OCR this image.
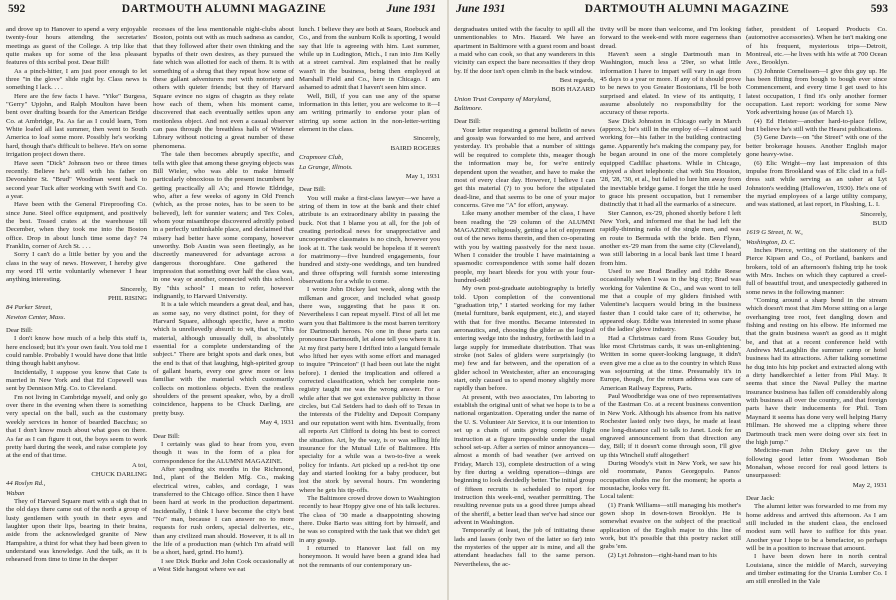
592	DARTMOUTH ALUMNI MAGAZINE	June 1931

and drove up to Hanover to spend a very enjoyable twenty-four hours attending the secretaries' meetings as guest of the College. A trip like that quite makes up for some of the less pleasant features of this scribal post. Dear Bill!

As a pinch-hitter, I am just poor enough to let three "in the glove" slide right by. Class news is something I lack. . . .

Here are the few facts I have. "Yike" Burgess, "Gerry" Upjohn, and Ralph Moulton have been bent over drafting boards for the American Bridge Co. at Ambridge, Pa. As far as I could learn, Tom White loafed all last summer, then went to South America to loaf some more. Possibly he's working hard, though that's difficult to believe. He's on some irrigation project down there.

Have seen "Dick" Johnson two or three times recently. Believe he's still with his father on Devonshire St. "Brud" Woodman went back to second year Tuck after working with Swift and Co. a year.

Have been with the General Fireproofing Co. since June. Steel office equipment, and positively the best. Tossed crates at the warehouse till December, when they took me into the Boston office. Drop in about lunch time some day? 74 Franklin, corner of Arch St. . . .

Sorry I can't do a little better by you and the class in the way of news. However, I hereby give my word I'll write voluntarily whenever I hear anything interesting.

Sincerely,

PHIL RISING

84 Parker Street,

Newton Center, Mass.

Dear Bill:

I don't know how much of a help this stuff is, here enclosed; but it's your own fault. You told me I could ramble. Probably I would have done that little thing though habit anyhow.

Incidentally, I suppose you know that Cate is married in New York and that Ed Copewell was sent by Dennison Mfg. Co. to Cleveland.

I'm not living in Cambridge myself, and only go over there in the evening when there is something very special on the ball, such as the customary weekly services in honor of bearded Bacchus; so that I don't know much about what goes on there. As far as I can figure it out, the boys seem to work pretty hard during the week, and raise complete joy at the end of that time.

A toi,

CHUCK DARLING

44 Roslyn Rd.,

Waban

They of Harvard Square mart with a sigh that in the old days there came out of the north a group of lusty gentlemen with youth in their eyes and laughter upon their lips, bearing in their brains, aside from the acknowledged granite of New Hampshire, a thirst for what they had been given to understand was knowledge. And the talk, as it is rehearsed from time to time in the deeper

recesses of the less mentionable night-clubs about Boston, points out with as much sadness as candor, that they followed after their own thinking and the bypaths of their own desires, as they pursued the fate which was allotted for each of them. It is with something of a shrug that they repeat how some of these gallant adventurers met with notoriety and others with quieter friends; but they of Harvard Square evince no signs of chagrin as they relate how each of them, when his moment came, discovered that each eventually settles upon any motionless object. And not even a casual observer can pass through the breathless halls of Widener Library without noticing a great number of these phenomena.

The tale then becomes abruptly specific, and tells with glee that among these greying objects was Bill Wieler, who was able to make himself particularly obnoxious to the present incumbent by getting practically all A's; and Howie Eldridge, who, after a few weeks of agony in Old French (which, as the prose notes, has to be seen to be believed), left for sunnier waters; and Tex Coles, whom your misanthrope discovered adroitly poised in a perfectly unthinkable place, and declaimed that misery had better have some company, however unworthy. Bob Austin was seen fleetingly, as he discreetly maneuvered for advantage across a dangerous thoroughfare. One gathered the impression that something over half the class was, in one way or another, connected with this school. By "this school" I mean to refer, however indignantly, to Harvard University.

It is a tale which meanders a great deal, and has, as some say, no very distinct point, for they of Harvard Square, although specific, have a motto which is unrelievedly absurd: to wit, that is, "This material, although unusually dull, is absolutely essential for a complete understanding of the subject." There are bright spots and dark ones, but the end is that of that laughing, high-spirited group of gallant hearts, every one grew more or less familiar with the material which customarily collects on motionless objects. Even the restless shoulders of the present speaker, who, by a droll coincidence, happens to be Chuck Darling, are pretty busy.

May 4, 1931

Dear Bill:

I certainly was glad to hear from you, even though it was in the form of a plea for correspondence for the ALUMNI MAGAZINE.

After spending six months in the Richmond, Ind., plant of the Belden Mfg. Co., making electrical wires, cables, and cordage, I was transferred to the Chicago office. Since then I have been hard at work in the production department. Incidentally, I think I have become the city's best "No" man, because I can answer no to more requests for rush orders, special deliveries, etc., than any civilized man should. However, it is all in the life of a production man (which I'm afraid will be a short, hard, grind. Ho hum!).

I see Dick Burke and John Cook occasionally at a West Side hangout where we eat

lunch. I believe they are both at Sears, Roebuck and Co., and from the sunburn Kolk is sporting, I would say that life is agreeing with him. Last summer, while up in Ludington, Mich., I ran into Jim Kelly at a street carnival. Jim explained that he really wasn't in the business, being then employed at Marshall Field and Co., here in Chicago. I am ashamed to admit that I haven't seen him since.

Well, Bill, if you can use any of the sparse information in this letter, you are welcome to it—I am writing primarily to endorse your plan of stirring up some action in the non-letter-writing element in the class.

Sincerely,

BAIRD ROGERS

Crapmore Club,

La Grange, Illinois.

May 1, 1931

Dear Bill:

You will make a first-class lawyer—we have a string of them in tow at the bank and their chief attribute is an extraordinary ability in passing the buck. Not that I blame you at all, for the job of creating periodical news for unappreciative and uncooperative classmates is no cinch, however you look at it. The task would be hopeless if it weren't for matrimony—five hundred engagements, four hundred and sixty-one weddings, and ten hundred and three offspring will furnish some interesting observations for a while to come.

I wrote John Dickey last week, along with the milkman and grocer, and included what gossip there was, suggesting that he pass it on. Nevertheless I can repeat myself. First of all let me warn you that Baltimore is the most barren territory for Dartmouth heroes. No one in these parts can pronounce Dartmouth, let alone tell you where it is. At my first party here I drifted into a languid female who lifted her eyes with some effort and managed to inquire "Princeton" (I had been out late the night before). I denied the implication and offered a corrected classification, which her complete non-registry taught me was the wrong answer. For a while after that we got extensive publicity in those circles, but Cal Seiders had to dash off to Texas in the interests of the Fidelity and Deposit Company and our reputation went with him. Eventually, from all reports Art Clifford is doing his best to correct the situation. Art, by the way, is or was selling life insurance for the Mutual Life of Baltimore. His specialty for a while was a two-to-five a week policy for infants. Art picked up a red-hot tip one day and started looking for a baby producer, but lost the stork by several hours. I'm wondering where he gets his tip-offs.

The Baltimore crowd drove down to Washington recently to hear Hoppy give one of his talk lectures. The class of '30 made a disappointing showing there. Duke Barto was sitting fort by himself, and he was so conspired with the task that we didn't get in any gossip.

I returned to Hanover last fall on my honeymoon. It would have been a grand idea had not the remnants of our contemporary un-

June 1931	DARTMOUTH ALUMNI MAGAZINE	593

dergraduates united with the faculty to spill all the unmentionables to Mrs. Hazard. We have an apartment in Baltimore with a guest room and boast a maid who can cook, so that any wanderers in this vicinity can expect the bare necessities if they drop by. If the door isn't open climb in the back window.

Best regards,

BOB HAZARD

Union Trust Company of Maryland,

Baltimore.

Dear Bill:

Your letter requesting a general bulletin of news and gossip was forwarded to me here, and arrived yesterday. It's probable that a number of sittings will be required to complete this, meager though the information may be, for we're entirely dependent upon the weather, and have to make the most of every clear day. However, I believe I can get this material (?) to you before the stipulated dead-line, and that seems to be one of your major concerns. Give me "A" for effort, anyway.

Like many another member of the class, I have been reading the '29 column of the ALUMNI MAGAZINE religiously, getting a lot of enjoyment out of the news items therein, and then co-operating with you by waiting passively for the next issue. When I consider the trouble I have maintaining a spasmodic correspondence with some half dozen people, my heart bleeds for you with your four-hundred-odd!

My own post-graduate autobiography is briefly told. Upon completion of the conventional "graduation trip," I started working for my father (metal furniture, bank equipment, etc.), and stayed with that for five months. Became interested in aeronautics, and, choosing the glider as the logical entering wedge into the industry, forthwith laid in a large supply for immediate distribution. That was stroke (not Sales of gliders were surprisingly (to me) few and far between, and the operation of a glider school in Westchester, after an encouraging start, only caused us to spend money slightly more rapidly than before.

At present, with two associates, I'm laboring to establish the original unit of what we hope is to be a national organization. Operating under the name of the U. S. Volunteer Air Service, it is our intention to set up a chain of units giving complete flight instruction at a figure impossible under the usual school set-up. After a series of minor annoyances—almost a month of bad weather (we arrived on Friday, March 13), complete destruction of a wing by fire during a welding operation—things are beginning to look decidedly better. The initial group of fifteen recruits is scheduled to report for instruction this week-end, weather permitting. The resulting revenue puts us a good three jumps ahead of the sheriff, a better lead than we've had since our advent in Washington.

Temporarily at least, the job of initiating these lads and lasses (only two of the latter so far) into the mysteries of the upper air is mine, and all the attendant headaches fall to the same person. Nevertheless, the ac-

tivity will be more than welcome, and I'm looking forward to the week-end with more eagerness than dread.

Haven't seen a single Dartmouth man in Washington, much less a '29er, so what little information I have to impart will vary in age from 45 days to a year or more. If any of it should prove to be news to you Greater Bostonians, I'll be both surprised and elated. In view of its antiquity, I assume absolutely no responsibility for the accuracy of these reports.

Saw Dick Johnston in Chicago early in March (approx.); he's still in the employ of—I almost said working for—his father in the building contracting game. Apparently he's making the company pay, for he began around in one of the more completely equipped Cadillac phaetons. While in Chicago, enjoyed a short telephonic chat with Stu Houston, '28, '28, '30, et al., but failed to lure him away from the inevitable bridge game. I forget the title he used to grace his present occupation, but I remember distinctly that it had all the earmarks of a sinecure.

Ster Cannon, ex-'29, phoned shortly before I left New York, and informed me that he had left the rapidly-thinning ranks of the single men, and was en route to Bermuda with the bride. Ben Flynn, another ex-'29 man from the same city (Cleveland), was still laboring in a local bank last time I heard from him.

Used to see Brad Bradley and Eddie Reese occasionally when I was in the big city; Brad was working for Valentine & Co., and was wont to tell me that a couple of my gliders finished with Valentine's lacquers would bring in the business faster than I could take care of it; otherwise, he appeared okay. Eddie was interested in some phase of the ladies' glove industry.

Had a Christmas card from Russ Goudey but, like most Christmas cards, it was un-enlightening. Written in some queer-looking language, it didn't even give me a clue as to the country in which Russ was sojourning at the time. Presumably it's in Europe, though, for the return address was care of American Railway Express, Paris.

Paul Woodbridge was one of two representatives of the Eastman Co. at a recent business convention in New York. Although his absence from his native Rochester lasted only two days, he made at least one long-distance call to talk to Janet. Look for an engraved announcement from that direction any day, Bill; if it doesn't come through soon, I'll give up this Winchell stuff altogether!

During Woody's visit in New York, we saw his old roommate, Panos Georgopulo. Panos' occupation eludes me for the moment; he sports a moustache, looks very fit.

Local talent:

(1) Frank Williams—still managing his mother's gown shop in down-town Brooklyn. He is somewhat evasive on the subject of the practical application of the English major to this line of work, but it's possible that this poetry racket still grabs 'em.

(2) Lyt Johnston—right-hand man to his

father, president of Leopard Products Co. (automotive accessories). When he isn't making one of his frequent, mysterious trips—Detroit, Montreal, etc.—he lives with his wife at 700 Ocean Ave., Brooklyn.

(3) Johnnie Cornelissen—I give this guy up. He has been flitting from bough to bough ever since Commencement, and every time I get used to his latest occupation, I find it's only another former occupation. Last report: working for some New York advertising house (as of March 1).

(4) Ed Heister—another hard-to-place fellow, but I believe he's still with the Hearst publications.

(5) Gene Davis—on "the Street" with one of the better brokerage houses. Another English major gone heavy-wise.

(6) Elic Wright—my last impression of this impulse from Brookland was of Elic clad in a full-dress suit while serving as an usher at Lyt Johnston's wedding (Hallowe'en, 1930). He's one of the myriad employees of a large utility company, and was stationed, at last report, in Flushing, L. I.

Sincerely,

BUD

1619 G Street, N. W.,

Washington, D. C.

Inches Pierce, writing on the stationery of the Pierce Kipsen and Co., of Portland, bankers and brokers, told of an afternoon's fishing trip he took with Mrs. Inches on which they captured a creel-full of beautiful trout, and unexpectedly gathered in some news in the following manner:

"Coming around a sharp bend in the stream which doesn't most that Jim Morse sitting on a large overhanging tree root, feet dangling down and fishing and resting on his elbow. He informed me that the grain business wasn't as good as it might be, and that at a recent conference held with Andrews McLaughlin the summer camp or hotel business had its attractions. After talking sometime he dug into his hip pocket and extracted along with a dirty handkerchief a letter from Phil May. It seems that since the Naval Pulley the marine insurance business has fallen off considerably along with business all over the country, and that foreign parts have their inducements for Phil. Tom Maynard it seems has done very well helping Harry Hillman. He showed me a clipping where three Dartmouth track men were doing over six feet in the high jump."

Medicine-man John Dickey gave us the following good letter from Woodsman Bob Monahan, whose record for real good letters is unsurpassed:

May 2, 1931

Dear Jack:

The alumni letter was forwarded to me from my home address and arrived this afternoon. As I am still included in the student class, the enclosed modest sum will have to suffice for this year. Another year I hope to be a benefactor, so perhaps will be in a position to increase that amount.

I have been down here in north central Louisiana, since the middle of March, surveying and timber estimating for the Urania Lumber Co. I am still enrolled in the Yale
